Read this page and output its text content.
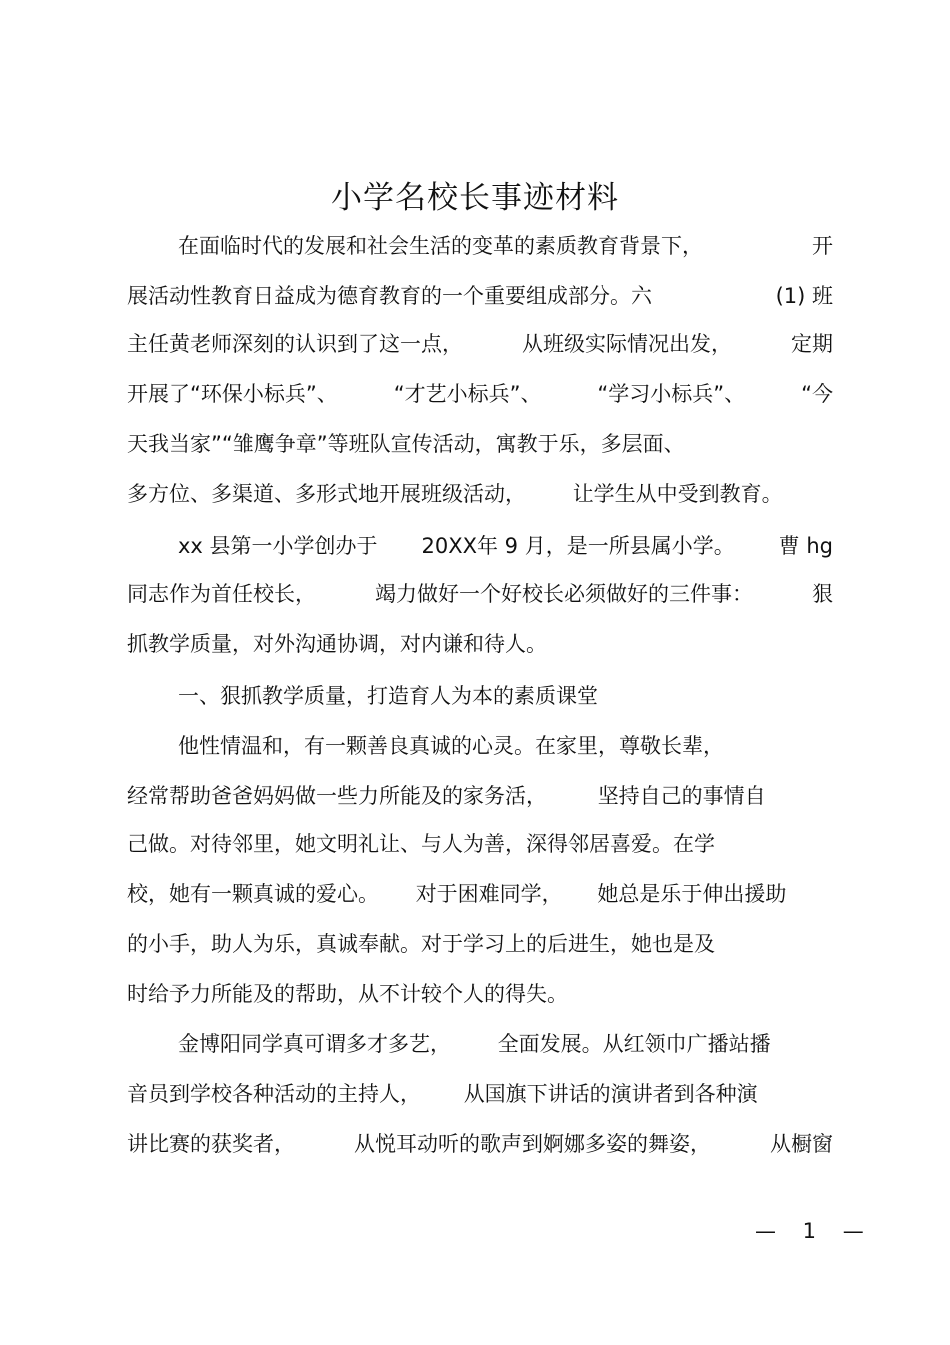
小学名校长事迹材料
在面临时代的发展和社会生活的变革的素质教育背景下，	开
展活动性教育日益成为德育教育的一个重要组成部分。六	(1) 班
主任黄老师深刻的认识到了这一点，	从班级实际情况出发，	定期
开展了“环保小标兵”、	“才艺小标兵”、	“学习小标兵”、	“今
天我当家”“雏鹰争章”等班队宣传活动，寓教于乐，多层面、
多方位、多渠道、多形式地开展班级活动， 让学生从中受到教育。
xx 县第一小学创办于 20XX年 9 月，是一所县属小学。 曹 hg
同志作为首任校长，	竭力做好一个好校长必须做好的三件事：	狠
抓教学质量，对外沟通协调，对内谦和待人。
一、狠抓教学质量，打造育人为本的素质课堂
他性情温和，有一颗善良真诚的心灵。在家里，尊敬长辈，
经常帮助爸爸妈妈做一些力所能及的家务活， 坚持自己的事情自
己做。对待邻里，她文明礼让、与人为善，深得邻居喜爱。在学
校，她有一颗真诚的爱心。 对于困难同学， 她总是乐于伸出援助
的小手，助人为乐，真诚奉献。对于学习上的后进生，她也是及
时给予力所能及的帮助，从不计较个人的得失。
金博阳同学真可谓多才多艺， 全面发展。从红领巾广播站播
音员到学校各种活动的主持人， 从国旗下讲话的演讲者到各种演
讲比赛的获奖者，	从悦耳动听的歌声到婀娜多姿的舞姿，	从橱窗
— 1 —
